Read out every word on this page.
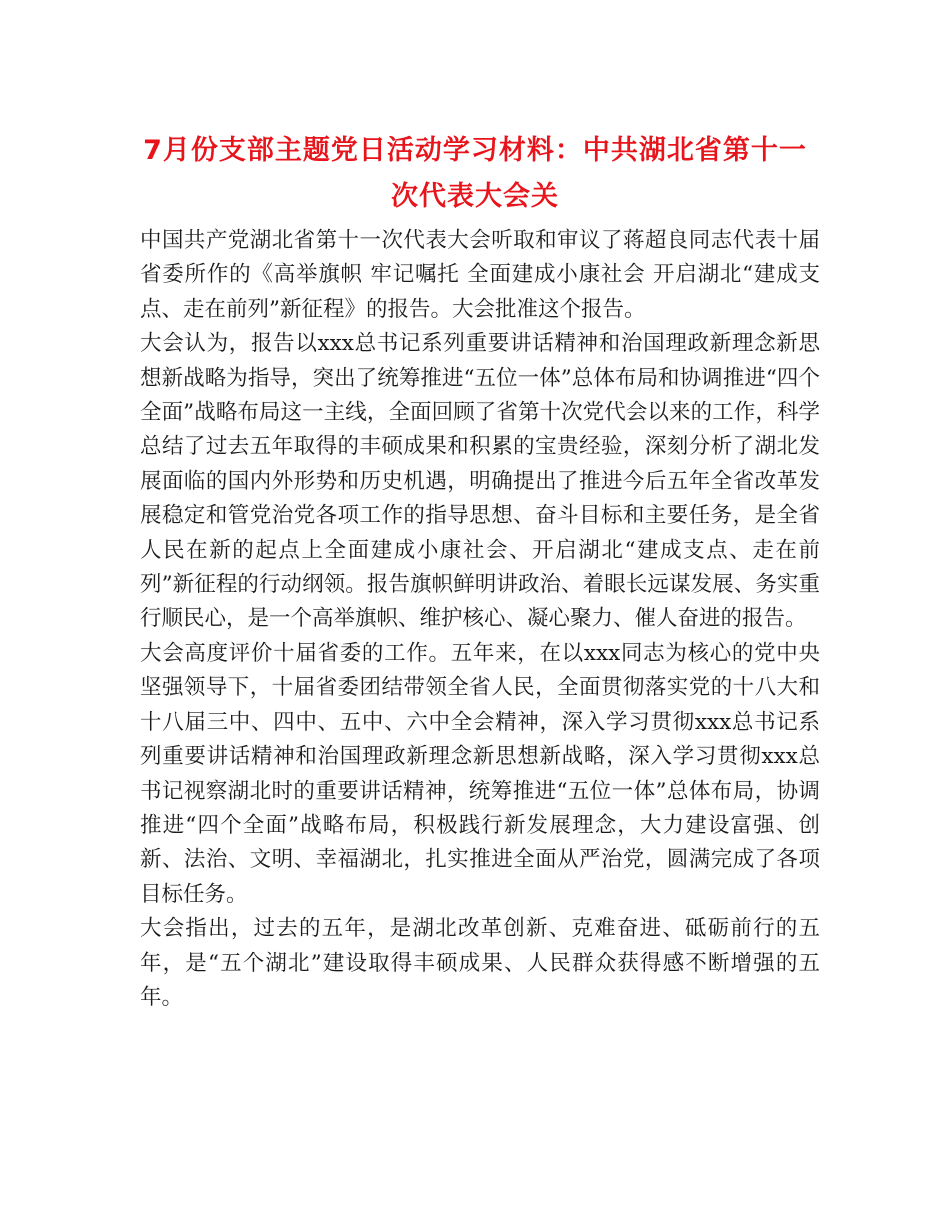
7月份支部主题党日活动学习材料：中共湖北省第十一
次代表大会关

中国共产党湖北省第十一次代表大会听取和审议了蒋超良同志代表十届省委所作的《高举旗帜 牢记嘱托 全面建成小康社会 开启湖北“建成支点、走在前列”新征程》的报告。大会批准这个报告。

大会认为，报告以xxx总书记系列重要讲话精神和治国理政新理念新思想新战略为指导，突出了统筹推进“五位一体”总体布局和协调推进“四个全面”战略布局这一主线，全面回顾了省第十次党代会以来的工作，科学总结了过去五年取得的丰硕成果和积累的宝贵经验，深刻分析了湖北发展面临的国内外形势和历史机遇，明确提出了推进今后五年全省改革发展稳定和管党治党各项工作的指导思想、奋斗目标和主要任务，是全省人民在新的起点上全面建成小康社会、开启湖北“建成支点、走在前列”新征程的行动纲领。报告旗帜鲜明讲政治、着眼长远谋发展、务实重行顺民心，是一个高举旗帜、维护核心、凝心聚力、催人奋进的报告。

大会高度评价十届省委的工作。五年来，在以xxx同志为核心的党中央坚强领导下，十届省委团结带领全省人民，全面贯彻落实党的十八大和十八届三中、四中、五中、六中全会精神，深入学习贯彻xxx总书记系列重要讲话精神和治国理政新理念新思想新战略，深入学习贯彻xxx总书记视察湖北时的重要讲话精神，统筹推进“五位一体”总体布局，协调推进“四个全面”战略布局，积极践行新发展理念，大力建设富强、创新、法治、文明、幸福湖北，扎实推进全面从严治党，圆满完成了各项目标任务。

大会指出，过去的五年，是湖北改革创新、克难奋进、砥砺前行的五年，是“五个湖北”建设取得丰硕成果、人民群众获得感不断增强的五年。
